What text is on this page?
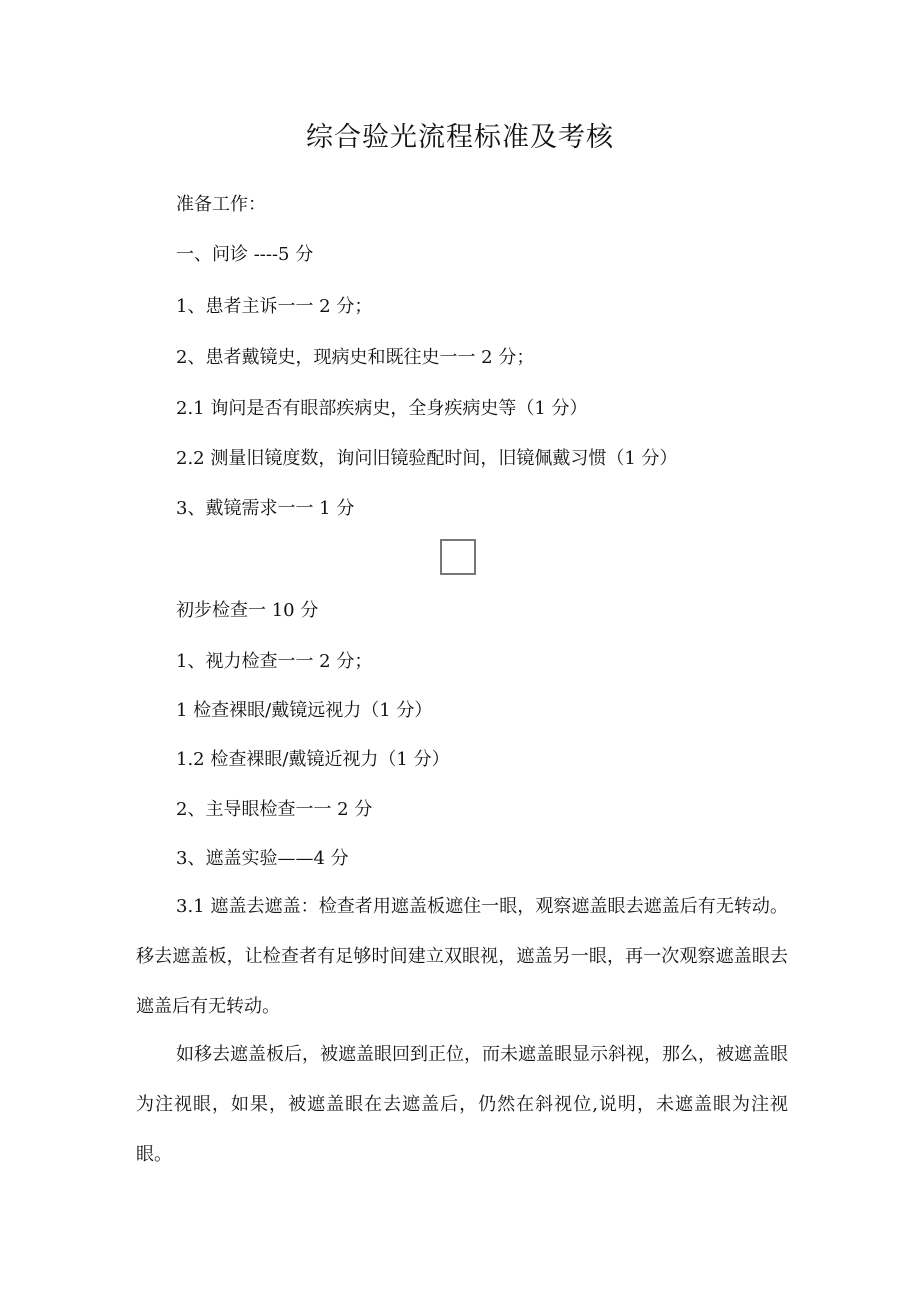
综合验光流程标准及考核
准备工作：
一、问诊 ----5 分
1、患者主诉一一 2 分；
2、患者戴镜史，现病史和既往史一一 2 分；
2.1 询问是否有眼部疾病史，全身疾病史等（1 分）
2.2 测量旧镜度数，询问旧镜验配时间，旧镜佩戴习惯（1 分）
3、戴镜需求一一 1 分
初步检查一 10 分
1、视力检查一一 2 分；
1 检查裸眼/戴镜远视力（1 分）
1.2 检查裸眼/戴镜近视力（1 分）
2、主导眼检查一一 2 分
3、遮盖实验——4 分
3.1 遮盖去遮盖：检查者用遮盖板遮住一眼，观察遮盖眼去遮盖后有无转动。移去遮盖板，让检查者有足够时间建立双眼视，遮盖另一眼，再一次观察遮盖眼去遮盖后有无转动。
如移去遮盖板后，被遮盖眼回到正位，而未遮盖眼显示斜视，那么，被遮盖眼为注视眼，如果，被遮盖眼在去遮盖后，仍然在斜视位,说明，未遮盖眼为注视眼。
